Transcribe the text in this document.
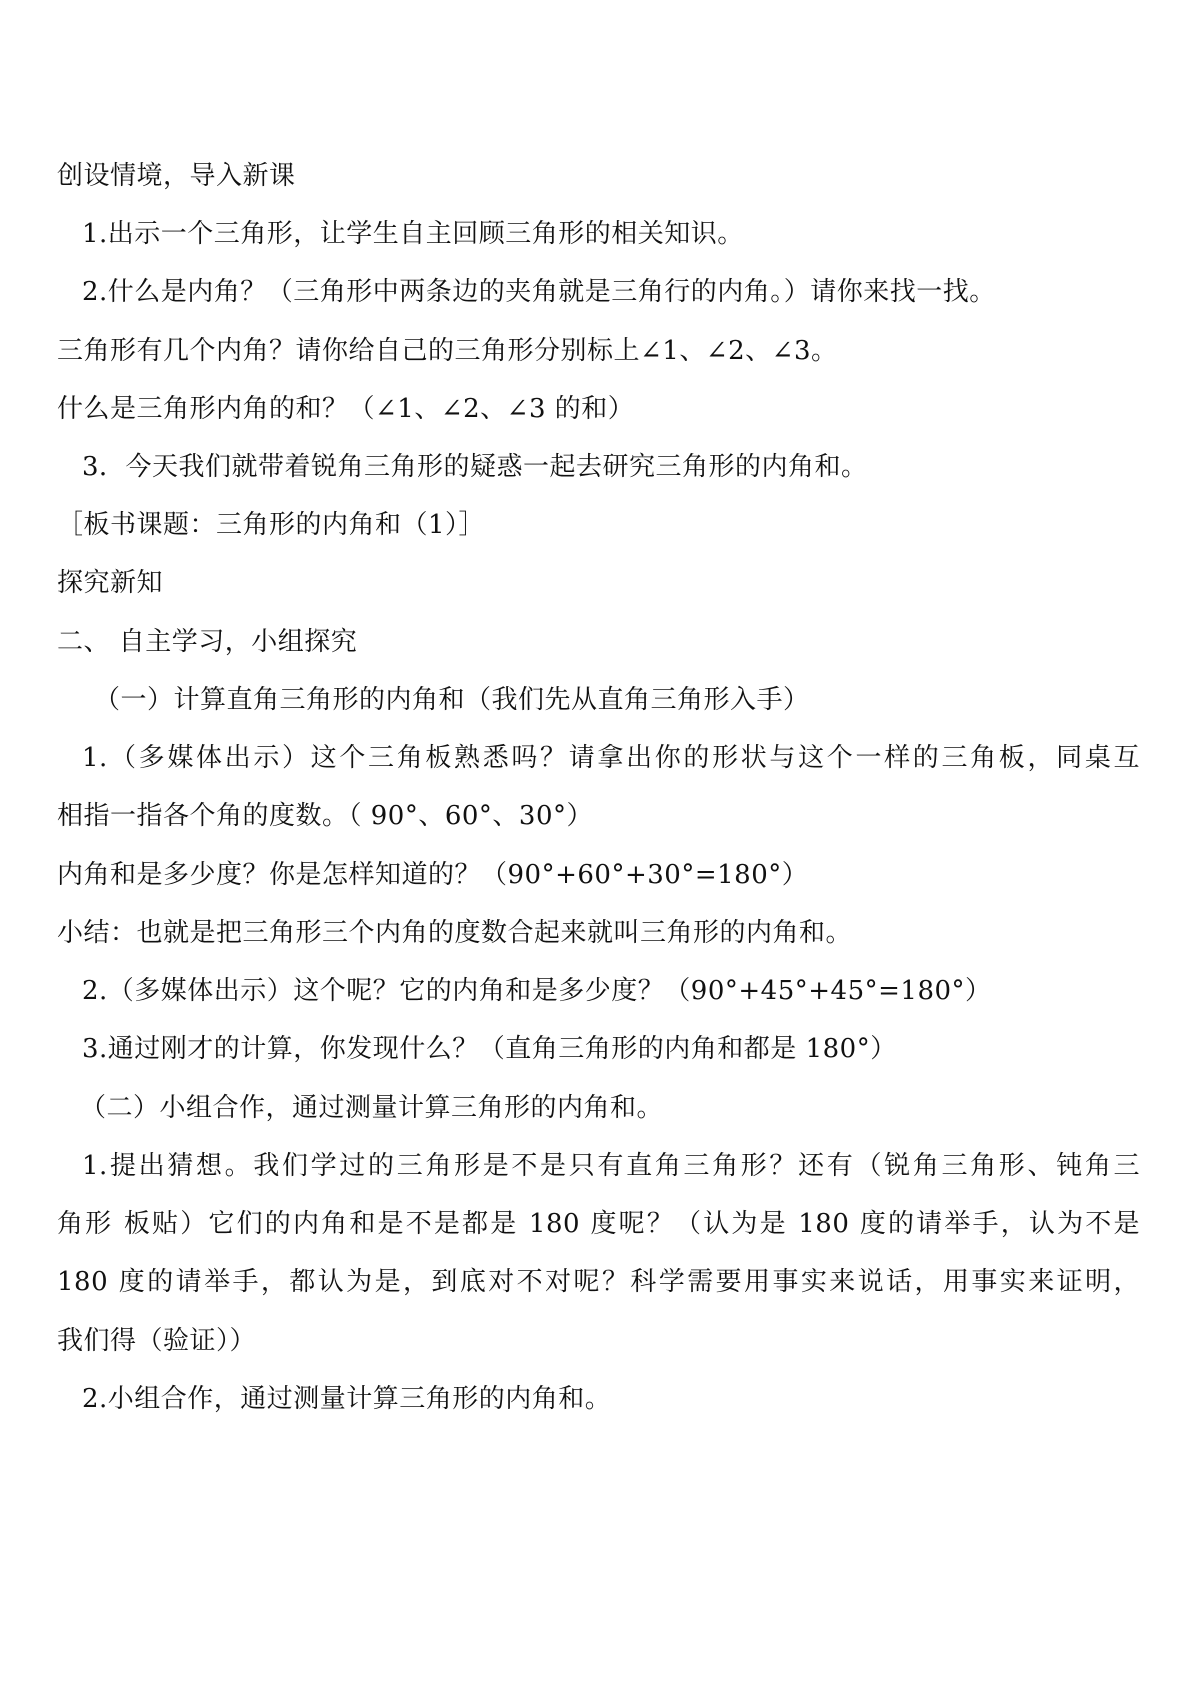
创设情境，导入新课
1.出示一个三角形，让学生自主回顾三角形的相关知识。
2.什么是内角？（三角形中两条边的夹角就是三角行的内角。）请你来找一找。
三角形有几个内角？请你给自己的三角形分别标上∠1、∠2、∠3。
什么是三角形内角的和？（∠1、∠2、∠3 的和）
3．今天我们就带着锐角三角形的疑惑一起去研究三角形的内角和。
［板书课题：三角形的内角和（1）］
探究新知
二、 自主学习，小组探究
（一）计算直角三角形的内角和（我们先从直角三角形入手）
1.（多媒体出示）这个三角板熟悉吗？请拿出你的形状与这个一样的三角板，同桌互
相指一指各个角的度数。（ 90°、60°、30°）
内角和是多少度？你是怎样知道的？（90°+60°+30°=180°）
小结：也就是把三角形三个内角的度数合起来就叫三角形的内角和。
2.（多媒体出示）这个呢？它的内角和是多少度？（90°+45°+45°=180°）
3.通过刚才的计算，你发现什么？（直角三角形的内角和都是 180°）
（二）小组合作，通过测量计算三角形的内角和。
1.提出猜想。我们学过的三角形是不是只有直角三角形？还有（锐角三角形、钝角三
角形 板贴）它们的内角和是不是都是 180 度呢？（认为是 180 度的请举手，认为不是
180 度的请举手，都认为是，到底对不对呢？科学需要用事实来说话，用事实来证明，
我们得（验证））
2.小组合作，通过测量计算三角形的内角和。
